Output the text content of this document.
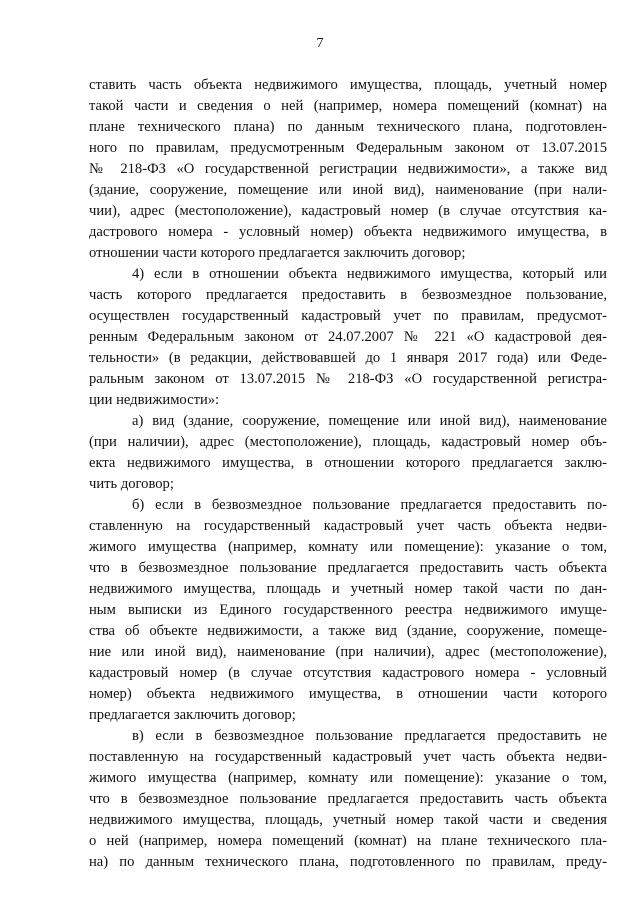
7
ставить часть объекта недвижимого имущества, площадь, учетный номер
такой части и сведения о ней (например, номера помещений (комнат) на
плане технического плана) по данным технического плана, подготовлен-
ного по правилам, предусмотренным Федеральным законом от 13.07.2015
№ 218-ФЗ «О государственной регистрации недвижимости», а также вид
(здание, сооружение, помещение или иной вид), наименование (при нали-
чии), адрес (местоположение), кадастровый номер (в случае отсутствия ка-
дастрового номера - условный номер) объекта недвижимого имущества, в
отношении части которого предлагается заключить договор;
4) если в отношении объекта недвижимого имущества, который или
часть которого предлагается предоставить в безвозмездное пользование,
осуществлен государственный кадастровый учет по правилам, предусмот-
ренным Федеральным законом от 24.07.2007 № 221 «О кадастровой дея-
тельности» (в редакции, действовавшей до 1 января 2017 года) или Феде-
ральным законом от 13.07.2015 № 218-ФЗ «О государственной регистра-
ции недвижимости»:
а) вид (здание, сооружение, помещение или иной вид), наименование
(при наличии), адрес (местоположение), площадь, кадастровый номер объ-
екта недвижимого имущества, в отношении которого предлагается заклю-
чить договор;
б) если в безвозмездное пользование предлагается предоставить по-
ставленную на государственный кадастровый учет часть объекта недви-
жимого имущества (например, комнату или помещение): указание о том,
что в безвозмездное пользование предлагается предоставить часть объекта
недвижимого имущества, площадь и учетный номер такой части по дан-
ным выписки из Единого государственного реестра недвижимого имуще-
ства об объекте недвижимости, а также вид (здание, сооружение, помеще-
ние или иной вид), наименование (при наличии), адрес (местоположение),
кадастровый номер (в случае отсутствия кадастрового номера - условный
номер) объекта недвижимого имущества, в отношении части которого
предлагается заключить договор;
в) если в безвозмездное пользование предлагается предоставить не
поставленную на государственный кадастровый учет часть объекта недви-
жимого имущества (например, комнату или помещение): указание о том,
что в безвозмездное пользование предлагается предоставить часть объекта
недвижимого имущества, площадь, учетный номер такой части и сведения
о ней (например, номера помещений (комнат) на плане технического пла-
на) по данным технического плана, подготовленного по правилам, преду-
